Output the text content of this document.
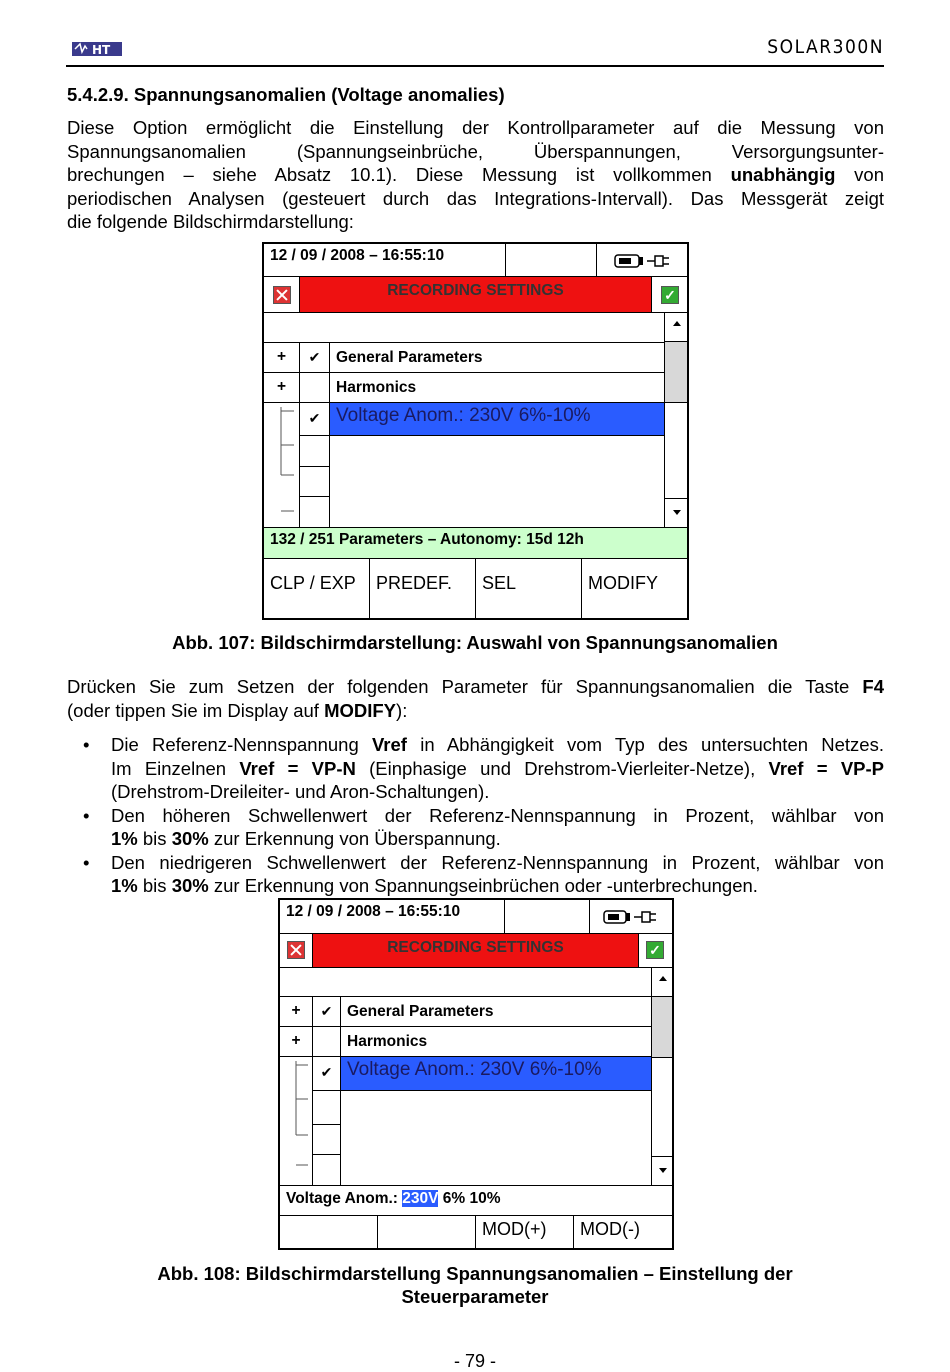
HT	SOLAR300N
5.4.2.9. Spannungsanomalien (Voltage anomalies)
Diese Option ermöglicht die Einstellung der Kontrollparameter auf die Messung von
Spannungsanomalien (Spannungseinbrüche, Überspannungen, Versorgungsunter-
brechungen – siehe Absatz 10.1). Diese Messung ist vollkommen unabhängig von
periodischen Analysen (gesteuert durch das Integrations-Intervall). Das Messgerät zeigt
die folgende Bildschirmdarstellung:
12 / 09 / 2008 – 16:55:10
RECORDING SETTINGS	✓
+	✔	General Parameters
+	Harmonics
✔ Voltage Anom.: 230V 6%-10%
132 / 251 Parameters – Autonomy: 15d 12h
CLP / EXP	PREDEF.	SEL	MODIFY
Abb. 107: Bildschirmdarstellung: Auswahl von Spannungsanomalien
Drücken Sie zum Setzen der folgenden Parameter für Spannungsanomalien die Taste F4
(oder tippen Sie im Display auf MODIFY):
• Die Referenz-Nennspannung Vref in Abhängigkeit vom Typ des untersuchten Netzes.
Im Einzelnen Vref = VP-N (Einphasige und Drehstrom-Vierleiter-Netze), Vref = VP-P
(Drehstrom-Dreileiter- und Aron-Schaltungen).
• Den höheren Schwellenwert der Referenz-Nennspannung in Prozent, wählbar von
1% bis 30% zur Erkennung von Überspannung.
• Den niedrigeren Schwellenwert der Referenz-Nennspannung in Prozent, wählbar von
1% bis 30% zur Erkennung von Spannungseinbrüchen oder -unterbrechungen.
12 / 09 / 2008 – 16:55:10
RECORDING SETTINGS	✓
+	✔ General Parameters
+	Harmonics
✔ Voltage Anom.: 230V 6%-10%
Voltage Anom.: 230V 6% 10%
MOD(+)	MOD(-)
Abb. 108: Bildschirmdarstellung Spannungsanomalien – Einstellung der
Steuerparameter
- 79 -
